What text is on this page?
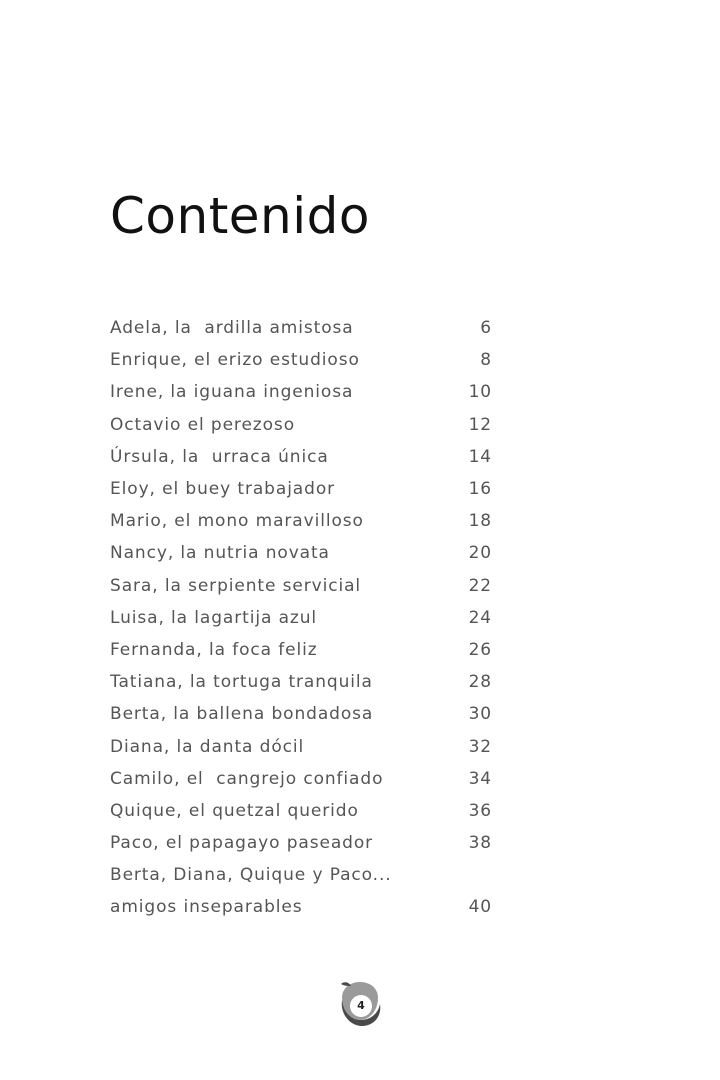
Contenido
Adela, la  ardilla amistosa	6
Enrique, el erizo estudioso	8
Irene, la iguana ingeniosa	10
Octavio el perezoso	12
Úrsula, la  urraca única	14
Eloy, el buey trabajador	16
Mario, el mono maravilloso	18
Nancy, la nutria novata	20
Sara, la serpiente servicial	22
Luisa, la lagartija azul	24
Fernanda, la foca feliz	26
Tatiana, la tortuga tranquila	28
Berta, la ballena bondadosa	30
Diana, la danta dócil	32
Camilo, el  cangrejo confiado	34
Quique, el quetzal querido	36
Paco, el papagayo paseador	38
Berta, Diana, Quique y Paco...
amigos inseparables	40
4
